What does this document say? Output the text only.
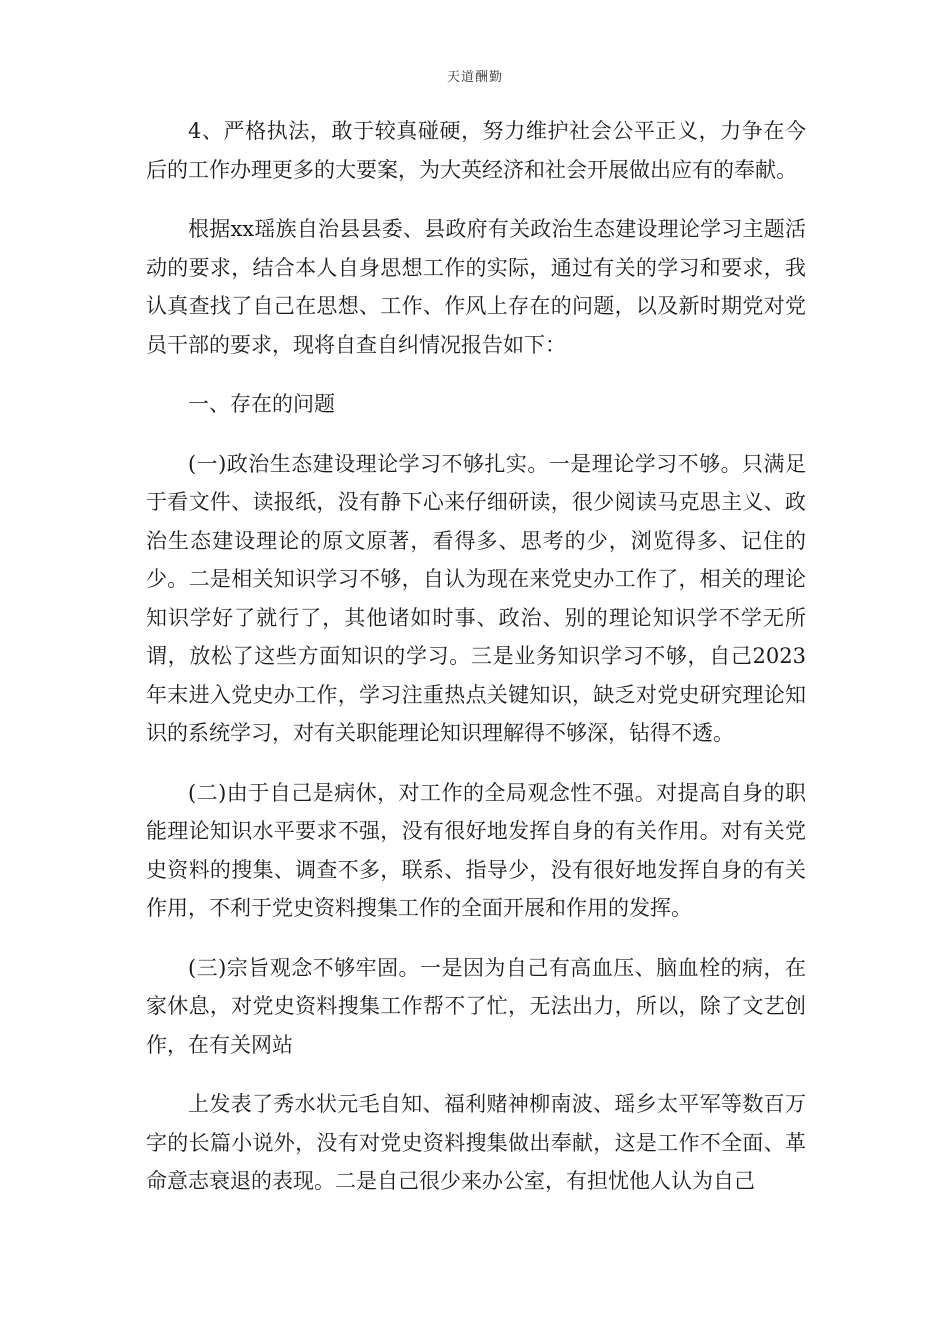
天道酬勤

4、严格执法，敢于较真碰硬，努力维护社会公平正义，力争在今后的工作办理更多的大要案，为大英经济和社会开展做出应有的奉献。

根据xx瑶族自治县县委、县政府有关政治生态建设理论学习主题活动的要求，结合本人自身思想工作的实际，通过有关的学习和要求，我认真查找了自己在思想、工作、作风上存在的问题，以及新时期党对党员干部的要求，现将自查自纠情况报告如下：

一、存在的问题

(一)政治生态建设理论学习不够扎实。一是理论学习不够。只满足于看文件、读报纸，没有静下心来仔细研读，很少阅读马克思主义、政治生态建设理论的原文原著，看得多、思考的少，浏览得多、记住的少。二是相关知识学习不够，自认为现在来党史办工作了，相关的理论知识学好了就行了，其他诸如时事、政治、别的理论知识学不学无所谓，放松了这些方面知识的学习。三是业务知识学习不够，自己2023年末进入党史办工作，学习注重热点关键知识，缺乏对党史研究理论知识的系统学习，对有关职能理论知识理解得不够深，钻得不透。

(二)由于自己是病休，对工作的全局观念性不强。对提高自身的职能理论知识水平要求不强，没有很好地发挥自身的有关作用。对有关党史资料的搜集、调查不多，联系、指导少，没有很好地发挥自身的有关作用，不利于党史资料搜集工作的全面开展和作用的发挥。

(三)宗旨观念不够牢固。一是因为自己有高血压、脑血栓的病，在家休息，对党史资料搜集工作帮不了忙，无法出力，所以，除了文艺创作，在有关网站

上发表了秀水状元毛自知、福利赌神柳南波、瑶乡太平军等数百万字的长篇小说外，没有对党史资料搜集做出奉献，这是工作不全面、革命意志衰退的表现。二是自己很少来办公室，有担忧他人认为自己
